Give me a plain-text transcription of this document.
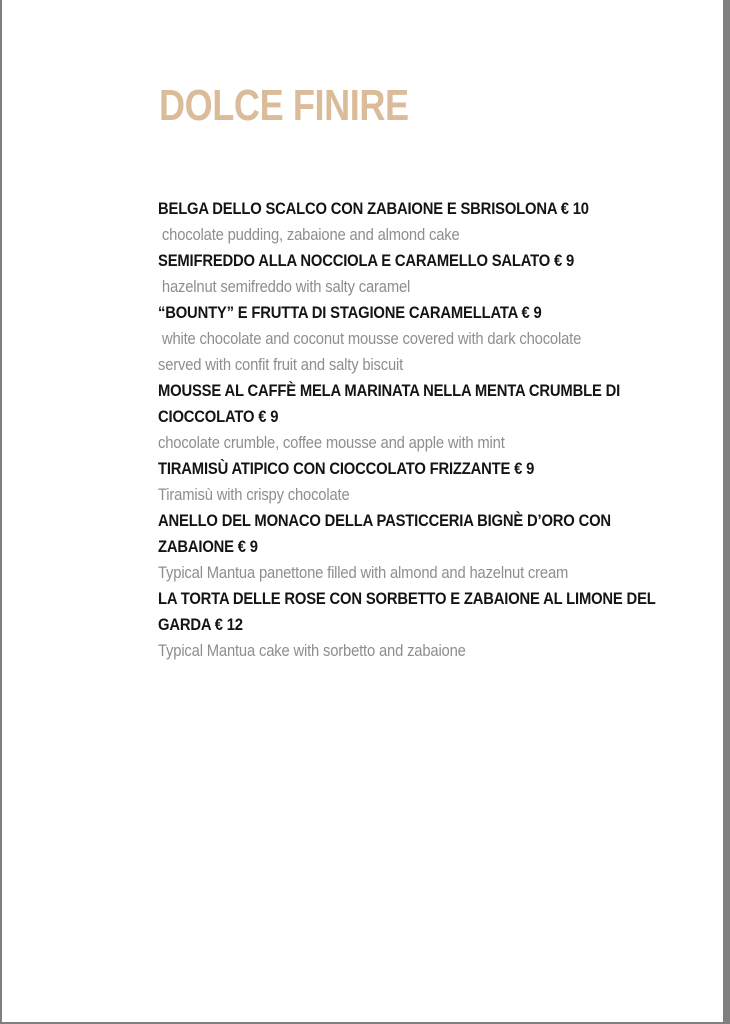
DOLCE FINIRE
BELGA DELLO SCALCO CON ZABAIONE E SBRISOLONA € 10
chocolate pudding, zabaione and almond cake
SEMIFREDDO ALLA NOCCIOLA E CARAMELLO SALATO € 9
hazelnut semifreddo with salty caramel
“BOUNTY” E FRUTTA DI STAGIONE CARAMELLATA € 9
white chocolate and coconut mousse covered with dark chocolate
served with confit fruit and salty biscuit
MOUSSE AL CAFFÈ MELA MARINATA NELLA MENTA CRUMBLE DI
CIOCCOLATO € 9
chocolate crumble, coffee mousse and apple with mint
TIRAMISÙ ATIPICO CON CIOCCOLATO FRIZZANTE € 9
Tiramisù with crispy chocolate
ANELLO DEL MONACO DELLA PASTICCERIA BIGNÈ D’ORO CON
ZABAIONE € 9
Typical Mantua panettone filled with almond and hazelnut cream
LA TORTA DELLE ROSE CON SORBETTO E ZABAIONE AL LIMONE DEL
GARDA € 12
Typical Mantua cake with sorbetto and zabaione
